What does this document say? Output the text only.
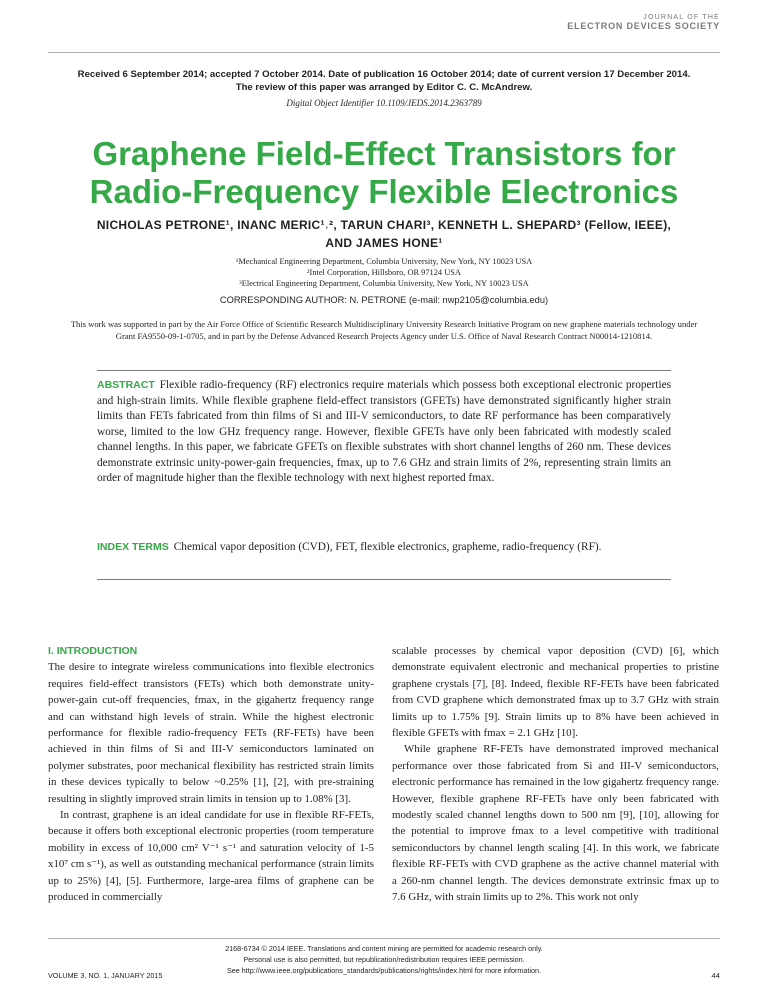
JOURNAL OF THE
ELECTRON DEVICES SOCIETY
Received 6 September 2014; accepted 7 October 2014. Date of publication 16 October 2014; date of current version 17 December 2014. The review of this paper was arranged by Editor C. C. McAndrew.
Digital Object Identifier 10.1109/JEDS.2014.2363789
Graphene Field-Effect Transistors for
Radio-Frequency Flexible Electronics
NICHOLAS PETRONE¹, INANC MERIC¹˒², TARUN CHARI³, KENNETH L. SHEPARD³ (Fellow, IEEE),
AND JAMES HONE¹
¹Mechanical Engineering Department, Columbia University, New York, NY 10023 USA
²Intel Corporation, Hillsboro, OR 97124 USA
³Electrical Engineering Department, Columbia University, New York, NY 10023 USA
CORRESPONDING AUTHOR: N. PETRONE (e-mail: nwp2105@columbia.edu)
This work was supported in part by the Air Force Office of Scientific Research Multidisciplinary University Research Initiative Program on new graphene materials technology under Grant FA9550-09-1-0705, and in part by the Defense Advanced Research Projects Agency under U.S. Office of Naval Research Contract N00014-1210814.
ABSTRACT Flexible radio-frequency (RF) electronics require materials which possess both exceptional electronic properties and high-strain limits. While flexible graphene field-effect transistors (GFETs) have demonstrated significantly higher strain limits than FETs fabricated from thin films of Si and III-V semiconductors, to date RF performance has been comparatively worse, limited to the low GHz frequency range. However, flexible GFETs have only been fabricated with modestly scaled channel lengths. In this paper, we fabricate GFETs on flexible substrates with short channel lengths of 260 nm. These devices demonstrate extrinsic unity-power-gain frequencies, fmax, up to 7.6 GHz and strain limits of 2%, representing strain limits an order of magnitude higher than the flexible technology with next highest reported fmax.
INDEX TERMS Chemical vapor deposition (CVD), FET, flexible electronics, grapheme, radio-frequency (RF).
I. INTRODUCTION

The desire to integrate wireless communications into flexible electronics requires field-effect transistors (FETs) which both demonstrate unity-power-gain cut-off frequencies, fmax, in the gigahertz frequency range and can withstand high levels of strain. While the highest electronic performance for flexible radio-frequency FETs (RF-FETs) have been achieved in thin films of Si and III-V semiconductors laminated on polymer substrates, poor mechanical flexibility has restricted strain limits in these devices typically to below ~0.25% [1], [2], with pre-straining resulting in slightly improved strain limits in tension up to 1.08% [3].

In contrast, graphene is an ideal candidate for use in flexible RF-FETs, because it offers both exceptional electronic properties (room temperature mobility in excess of 10,000 cm² V⁻¹ s⁻¹ and saturation velocity of 1-5 x10⁷ cm s⁻¹), as well as outstanding mechanical performance (strain limits up to 25%) [4], [5]. Furthermore, large-area films of graphene can be produced in commercially

scalable processes by chemical vapor deposition (CVD) [6], which demonstrate equivalent electronic and mechanical properties to pristine graphene crystals [7], [8]. Indeed, flexible RF-FETs have been fabricated from CVD graphene which demonstrated fmax up to 3.7 GHz with strain limits up to 1.75% [9]. Strain limits up to 8% have been achieved in flexible GFETs with fmax = 2.1 GHz [10].

While graphene RF-FETs have demonstrated improved mechanical performance over those fabricated from Si and III-V semiconductors, electronic performance has remained in the low gigahertz frequency range. However, flexible graphene RF-FETs have only been fabricated with modestly scaled channel lengths down to 500 nm [9], [10], allowing for the potential to improve fmax to a level competitive with traditional semiconductors by channel length scaling [4]. In this work, we fabricate flexible RF-FETs with CVD graphene as the active channel material with a 260-nm channel length. The devices demonstrate extrinsic fmax up to 7.6 GHz, with strain limits up to 2%. This work not only

2168-6734 © 2014 IEEE. Translations and content mining are permitted for academic research only.
Personal use is also permitted, but republication/redistribution requires IEEE permission.
See http://www.ieee.org/publications_standards/publications/rights/index.html for more information.
VOLUME 3, NO. 1, JANUARY 2015	44
